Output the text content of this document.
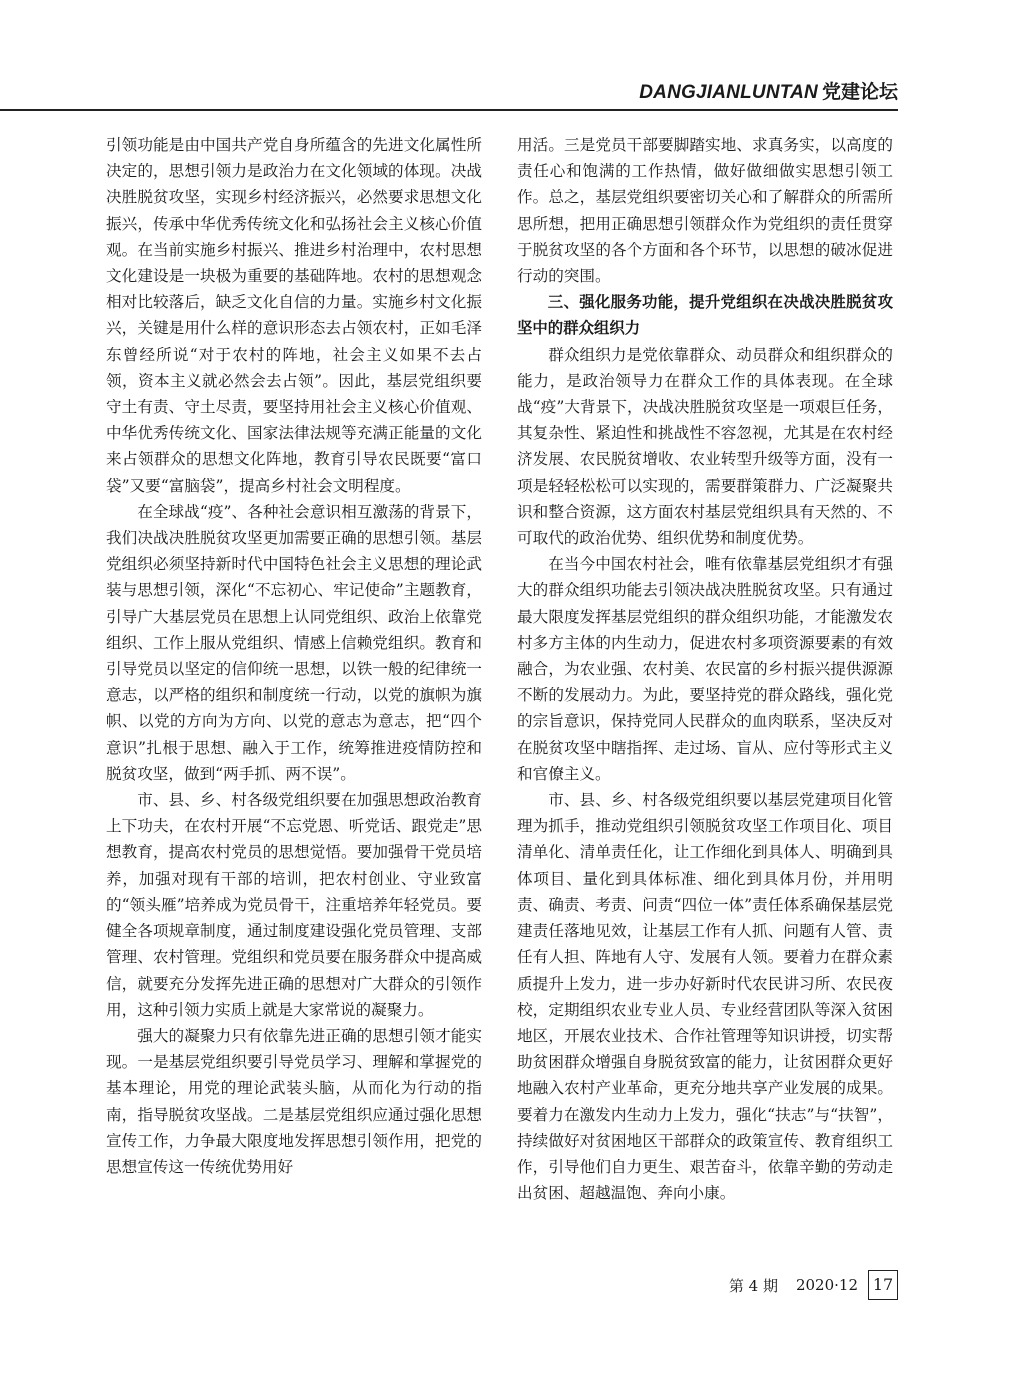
DANGJIANLUNTAN 党建论坛

引领功能是由中国共产党自身所蕴含的先进文化属性所决定的，思想引领力是政治力在文化领域的体现。决战决胜脱贫攻坚，实现乡村经济振兴，必然要求思想文化振兴，传承中华优秀传统文化和弘扬社会主义核心价值观。在当前实施乡村振兴、推进乡村治理中，农村思想文化建设是一块极为重要的基础阵地。农村的思想观念相对比较落后，缺乏文化自信的力量。实施乡村文化振兴，关键是用什么样的意识形态去占领农村，正如毛泽东曾经所说“对于农村的阵地，社会主义如果不去占领，资本主义就必然会去占领”。因此，基层党组织要守土有责、守土尽责，要坚持用社会主义核心价值观、中华优秀传统文化、国家法律法规等充满正能量的文化来占领群众的思想文化阵地，教育引导农民既要“富口袋”又要“富脑袋”，提高乡村社会文明程度。

在全球战“疫”、各种社会意识相互激荡的背景下，我们决战决胜脱贫攻坚更加需要正确的思想引领。基层党组织必须坚持新时代中国特色社会主义思想的理论武装与思想引领，深化“不忘初心、牢记使命”主题教育，引导广大基层党员在思想上认同党组织、政治上依靠党组织、工作上服从党组织、情感上信赖党组织。教育和引导党员以坚定的信仰统一思想，以铁一般的纪律统一意志，以严格的组织和制度统一行动，以党的旗帜为旗帜、以党的方向为方向、以党的意志为意志，把“四个意识”扎根于思想、融入于工作，统筹推进疫情防控和脱贫攻坚，做到“两手抓、两不误”。

市、县、乡、村各级党组织要在加强思想政治教育上下功夫，在农村开展“不忘党恩、听党话、跟党走”思想教育，提高农村党员的思想觉悟。要加强骨干党员培养，加强对现有干部的培训，把农村创业、守业致富的“领头雁”培养成为党员骨干，注重培养年轻党员。要健全各项规章制度，通过制度建设强化党员管理、支部管理、农村管理。党组织和党员要在服务群众中提高威信，就要充分发挥先进正确的思想对广大群众的引领作用，这种引领力实质上就是大家常说的凝聚力。

强大的凝聚力只有依靠先进正确的思想引领才能实现。一是基层党组织要引导党员学习、理解和掌握党的基本理论，用党的理论武装头脑，从而化为行动的指南，指导脱贫攻坚战。二是基层党组织应通过强化思想宣传工作，力争最大限度地发挥思想引领作用，把党的思想宣传这一传统优势用好

用活。三是党员干部要脚踏实地、求真务实，以高度的责任心和饱满的工作热情，做好做细做实思想引领工作。总之，基层党组织要密切关心和了解群众的所需所思所想，把用正确思想引领群众作为党组织的责任贯穿于脱贫攻坚的各个方面和各个环节，以思想的破冰促进行动的突围。

三、强化服务功能，提升党组织在决战决胜脱贫攻坚中的群众组织力

群众组织力是党依靠群众、动员群众和组织群众的能力，是政治领导力在群众工作的具体表现。在全球战“疫”大背景下，决战决胜脱贫攻坚是一项艰巨任务，其复杂性、紧迫性和挑战性不容忽视，尤其是在农村经济发展、农民脱贫增收、农业转型升级等方面，没有一项是轻轻松松可以实现的，需要群策群力、广泛凝聚共识和整合资源，这方面农村基层党组织具有天然的、不可取代的政治优势、组织优势和制度优势。

在当今中国农村社会，唯有依靠基层党组织才有强大的群众组织功能去引领决战决胜脱贫攻坚。只有通过最大限度发挥基层党组织的群众组织功能，才能激发农村多方主体的内生动力，促进农村多项资源要素的有效融合，为农业强、农村美、农民富的乡村振兴提供源源不断的发展动力。为此，要坚持党的群众路线，强化党的宗旨意识，保持党同人民群众的血肉联系，坚决反对在脱贫攻坚中瞎指挥、走过场、盲从、应付等形式主义和官僚主义。

市、县、乡、村各级党组织要以基层党建项目化管理为抓手，推动党组织引领脱贫攻坚工作项目化、项目清单化、清单责任化，让工作细化到具体人、明确到具体项目、量化到具体标准、细化到具体月份，并用明责、确责、考责、问责“四位一体”责任体系确保基层党建责任落地见效，让基层工作有人抓、问题有人管、责任有人担、阵地有人守、发展有人领。要着力在群众素质提升上发力，进一步办好新时代农民讲习所、农民夜校，定期组织农业专业人员、专业经营团队等深入贫困地区，开展农业技术、合作社管理等知识讲授，切实帮助贫困群众增强自身脱贫致富的能力，让贫困群众更好地融入农村产业革命，更充分地共享产业发展的成果。要着力在激发内生动力上发力，强化“扶志”与“扶智”，持续做好对贫困地区干部群众的政策宣传、教育组织工作，引导他们自力更生、艰苦奋斗，依靠辛勤的劳动走出贫困、超越温饱、奔向小康。

第 4 期 2020·12 17
